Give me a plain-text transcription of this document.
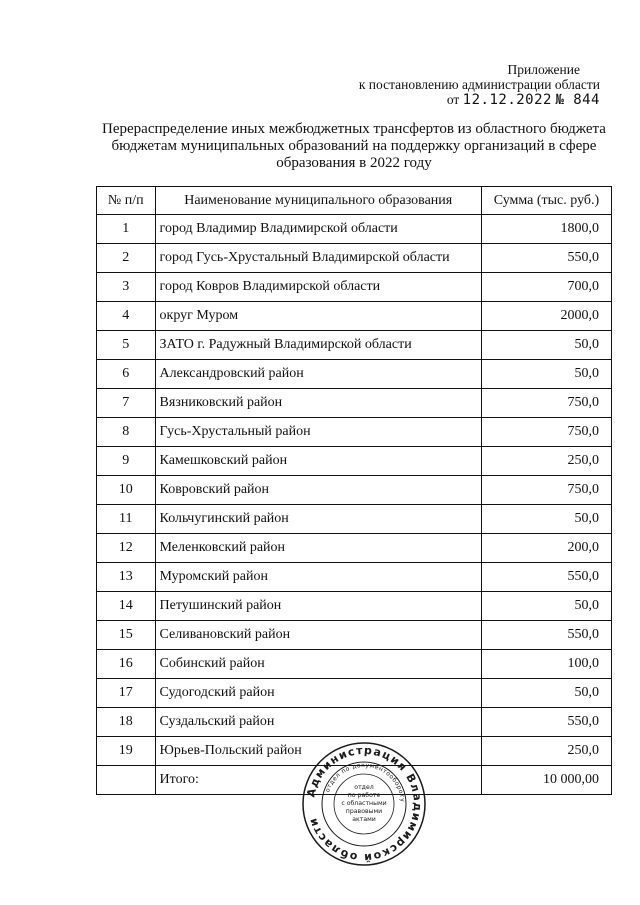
Приложение
к постановлению администрации области
от 12.12.2022 № 844
Перераспределение иных межбюджетных трансфертов из областного бюджета
бюджетам муниципальных образований на поддержку организаций в сфере
образования в 2022 году
№ п/п	Наименование муниципального образования	Сумма (тыс. руб.)
1	город Владимир Владимирской области	1800,0
2	город Гусь-Хрустальный Владимирской области	550,0
3	город Ковров Владимирской области	700,0
4	округ Муром	2000,0
5	ЗАТО г. Радужный Владимирской области	50,0
6	Александровский район	50,0
7	Вязниковский район	750,0
8	Гусь-Хрустальный район	750,0
9	Камешковский район	250,0
10	Ковровский район	750,0
11	Кольчугинский район	50,0
12	Меленковский район	200,0
13	Муромский район	550,0
14	Петушинский район	50,0
15	Селивановский район	550,0
16	Собинский район	100,0
17	Судогодский район	50,0
18	Суздальский район	550,0
19	Юрьев-Польский район	250,0
	Итого:	10 000,00
Администрация Владимирской области
отдел по документообороту
отдел
по работе
с областными
правовыми
актами
